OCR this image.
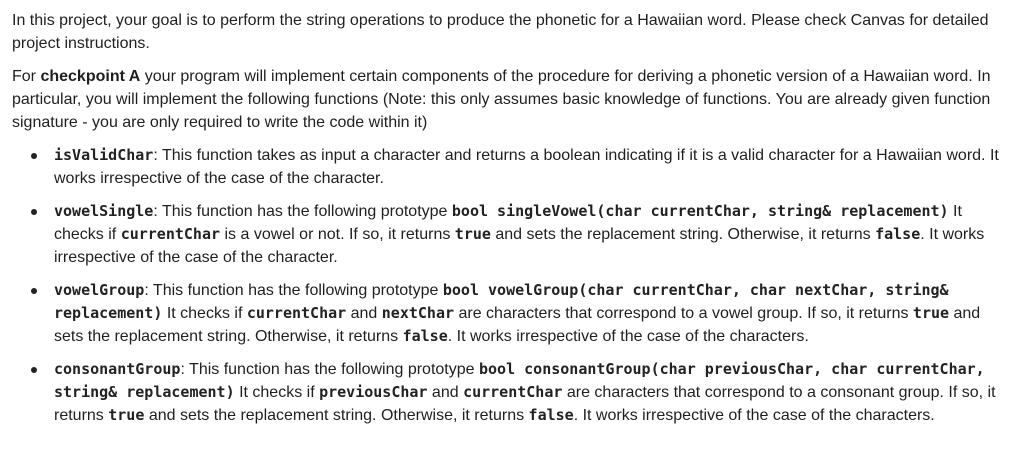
In this project, your goal is to perform the string operations to produce the phonetic for a Hawaiian word. Please check Canvas for detailed project instructions.

For checkpoint A your program will implement certain components of the procedure for deriving a phonetic version of a Hawaiian word. In particular, you will implement the following functions (Note: this only assumes basic knowledge of functions. You are already given function signature - you are only required to write the code within it)

isValidChar: This function takes as input a character and returns a boolean indicating if it is a valid character for a Hawaiian word. It works irrespective of the case of the character.
vowelSingle: This function has the following prototype bool singleVowel(char currentChar, string& replacement) It checks if currentChar is a vowel or not. If so, it returns true and sets the replacement string. Otherwise, it returns false. It works irrespective of the case of the character.
vowelGroup: This function has the following prototype bool vowelGroup(char currentChar, char nextChar, string& replacement) It checks if currentChar and nextChar are characters that correspond to a vowel group. If so, it returns true and sets the replacement string. Otherwise, it returns false. It works irrespective of the case of the characters.
consonantGroup: This function has the following prototype bool consonantGroup(char previousChar, char currentChar, string& replacement) It checks if previousChar and currentChar are characters that correspond to a consonant group. If so, it returns true and sets the replacement string. Otherwise, it returns false. It works irrespective of the case of the characters.
